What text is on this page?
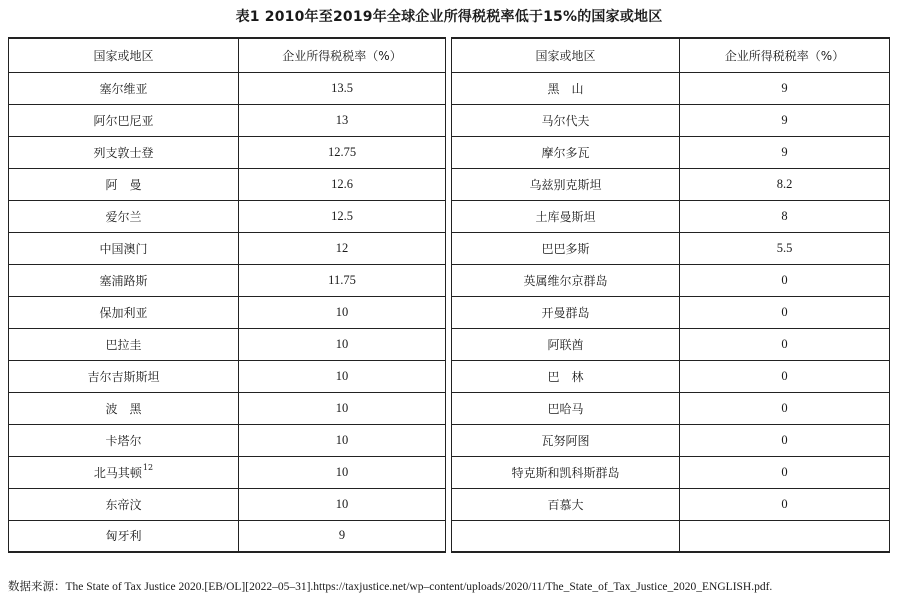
表1 2010年至2019年全球企业所得税税率低于15%的国家或地区
国家或地区	企业所得税税率（%）
塞尔维亚	13.5
阿尔巴尼亚	13
列支敦士登	12.75
阿　曼	12.6
爱尔兰	12.5
中国澳门	12
塞浦路斯	11.75
保加利亚	10
巴拉圭	10
吉尔吉斯斯坦	10
波　黑	10
卡塔尔	10
北马其顿$^{12}$	10
东帝汶	10
匈牙利	9
国家或地区	企业所得税税率（%）
黑　山	9
马尔代夫	9
摩尔多瓦	9
乌兹别克斯坦	8.2
土库曼斯坦	8
巴巴多斯	5.5
英属维尔京群岛	0
开曼群岛	0
阿联酋	0
巴　林	0
巴哈马	0
瓦努阿图	0
特克斯和凯科斯群岛	0
百慕大	0

数据来源：The State of Tax Justice 2020.[EB/OL][2022–05–31].https://taxjustice.net/wp–content/uploads/2020/11/The_State_of_Tax_Justice_2020_ENGLISH.pdf.
